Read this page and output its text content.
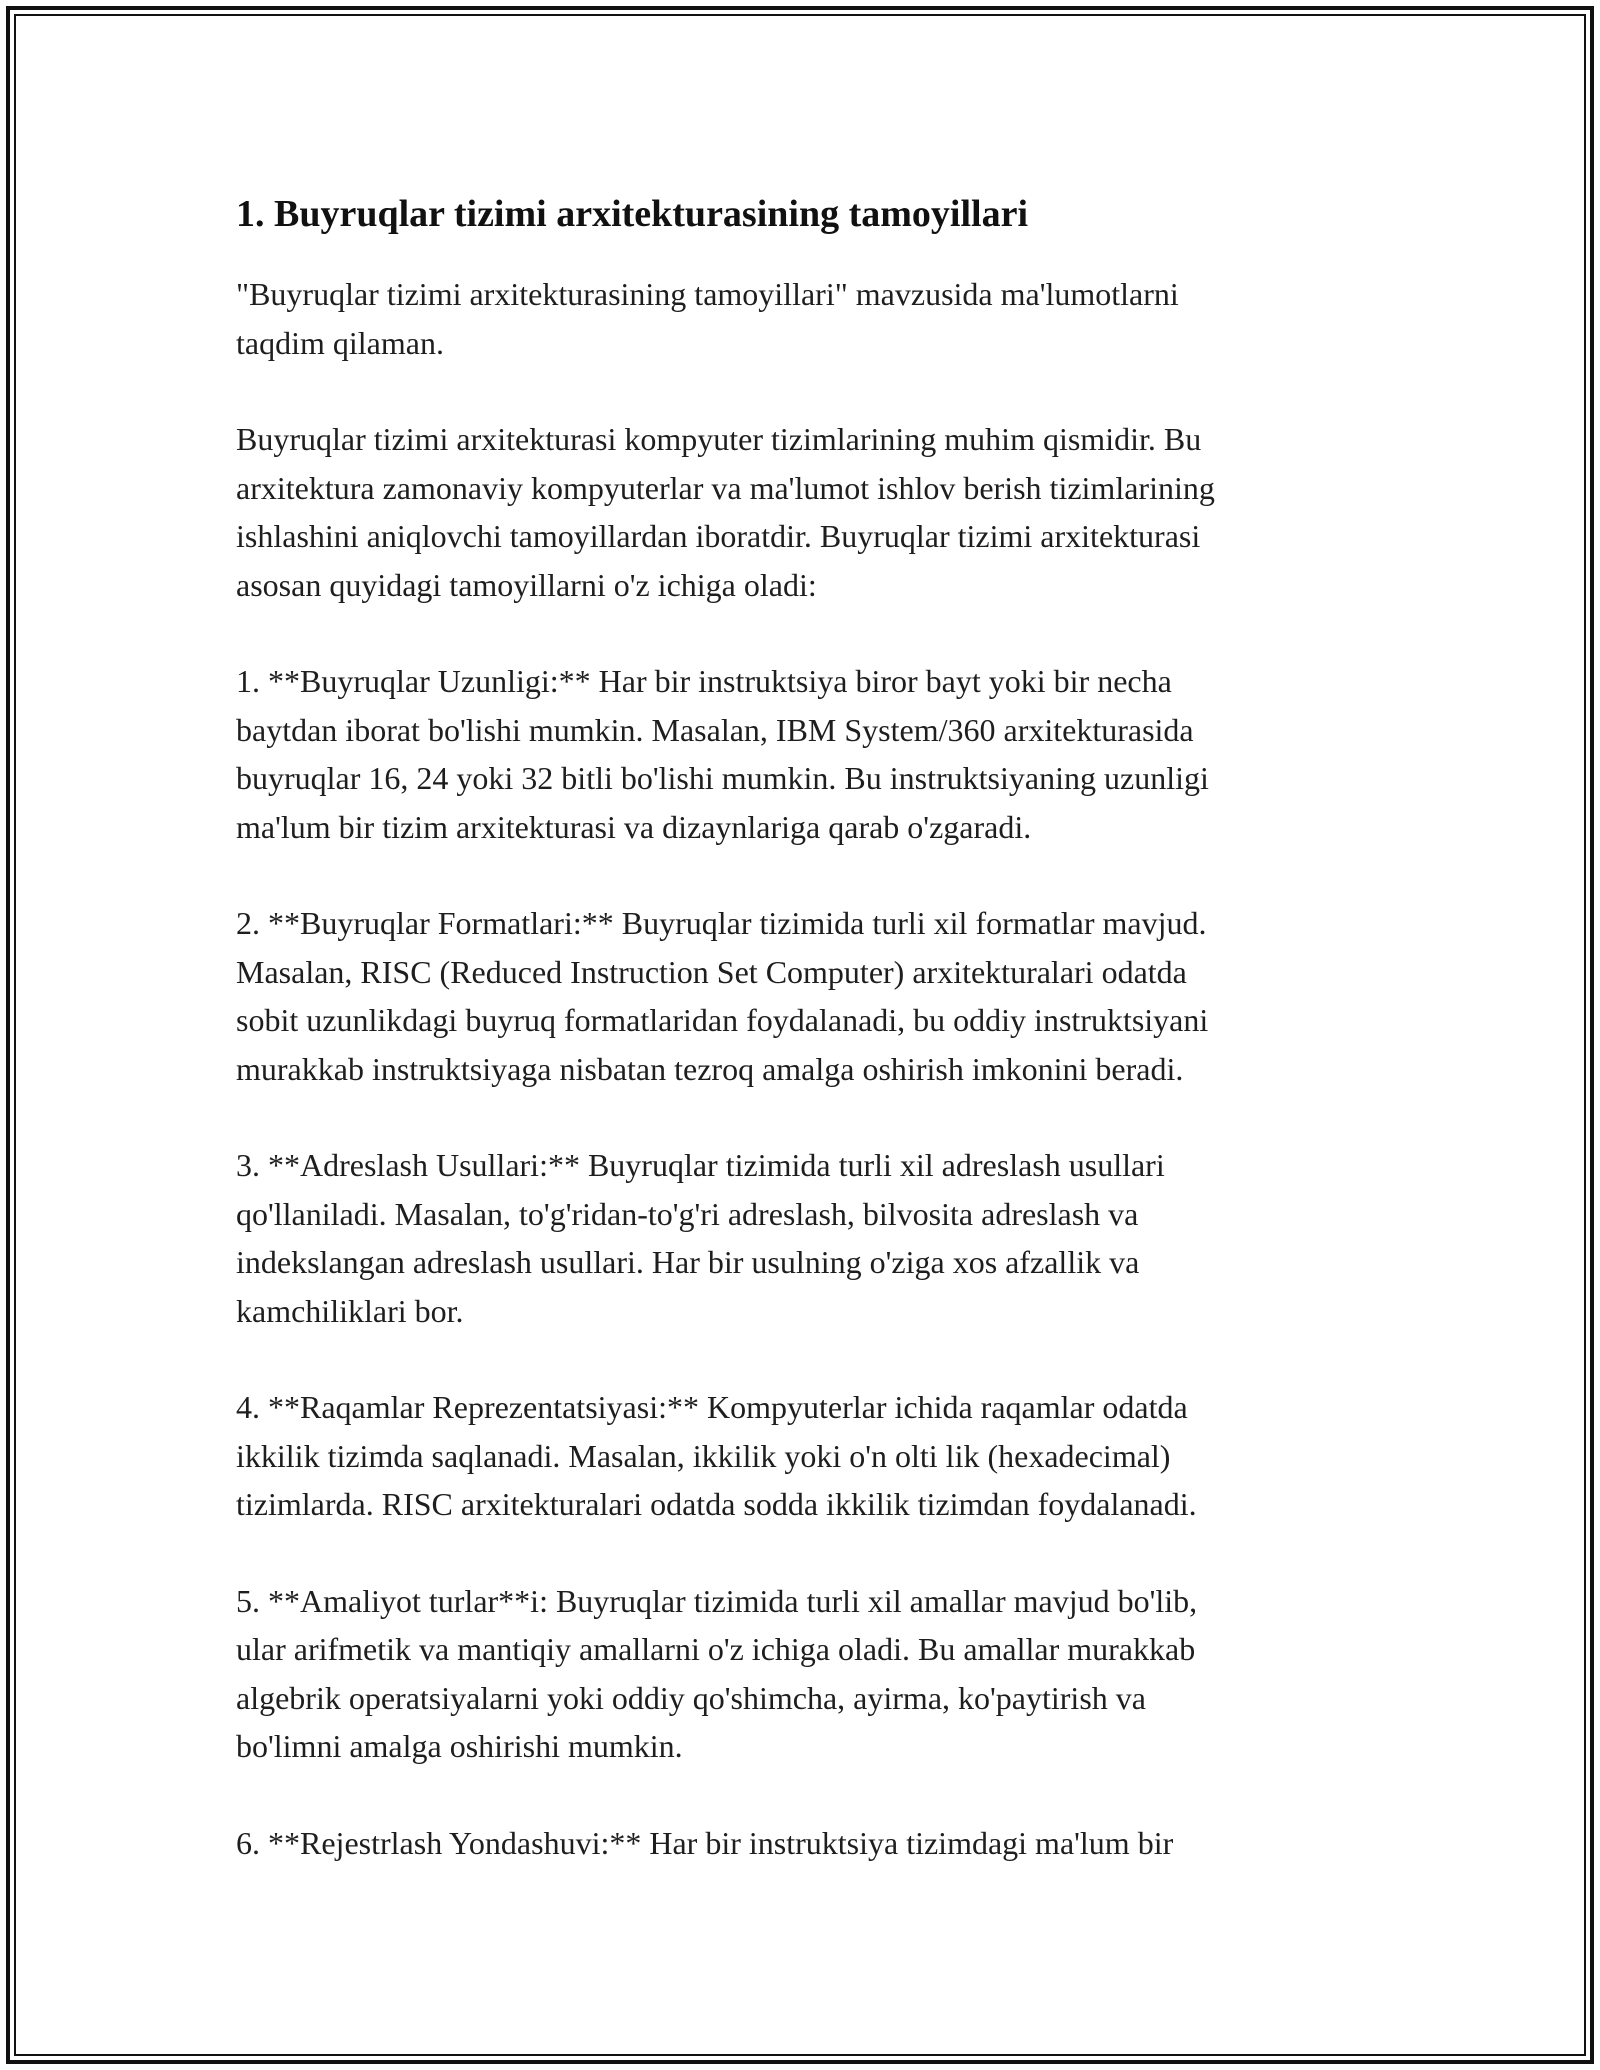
1. Buyruqlar tizimi arxitekturasining tamoyillari

"Buyruqlar tizimi arxitekturasining tamoyillari" mavzusida ma'lumotlarni
taqdim qilaman.

Buyruqlar tizimi arxitekturasi kompyuter tizimlarining muhim qismidir. Bu
arxitektura zamonaviy kompyuterlar va ma'lumot ishlov berish tizimlarining
ishlashini aniqlovchi tamoyillardan iboratdir. Buyruqlar tizimi arxitekturasi
asosan quyidagi tamoyillarni o'z ichiga oladi:

1. **Buyruqlar Uzunligi:** Har bir instruktsiya biror bayt yoki bir necha
baytdan iborat bo'lishi mumkin. Masalan, IBM System/360 arxitekturasida
buyruqlar 16, 24 yoki 32 bitli bo'lishi mumkin. Bu instruktsiyaning uzunligi
ma'lum bir tizim arxitekturasi va dizaynlariga qarab o'zgaradi.

2. **Buyruqlar Formatlari:** Buyruqlar tizimida turli xil formatlar mavjud.
Masalan, RISC (Reduced Instruction Set Computer) arxitekturalari odatda
sobit uzunlikdagi buyruq formatlaridan foydalanadi, bu oddiy instruktsiyani
murakkab instruktsiyaga nisbatan tezroq amalga oshirish imkonini beradi.

3. **Adreslash Usullari:** Buyruqlar tizimida turli xil adreslash usullari
qo'llaniladi. Masalan, to'g'ridan-to'g'ri adreslash, bilvosita adreslash va
indekslangan adreslash usullari. Har bir usulning o'ziga xos afzallik va
kamchiliklari bor.

4. **Raqamlar Reprezentatsiyasi:** Kompyuterlar ichida raqamlar odatda
ikkilik tizimda saqlanadi. Masalan, ikkilik yoki o'n olti lik (hexadecimal)
tizimlarda. RISC arxitekturalari odatda sodda ikkilik tizimdan foydalanadi.

5. **Amaliyot turlar**i: Buyruqlar tizimida turli xil amallar mavjud bo'lib,
ular arifmetik va mantiqiy amallarni o'z ichiga oladi. Bu amallar murakkab
algebrik operatsiyalarni yoki oddiy qo'shimcha, ayirma, ko'paytirish va
bo'limni amalga oshirishi mumkin.

6. **Rejestrlash Yondashuvi:** Har bir instruktsiya tizimdagi ma'lum bir
